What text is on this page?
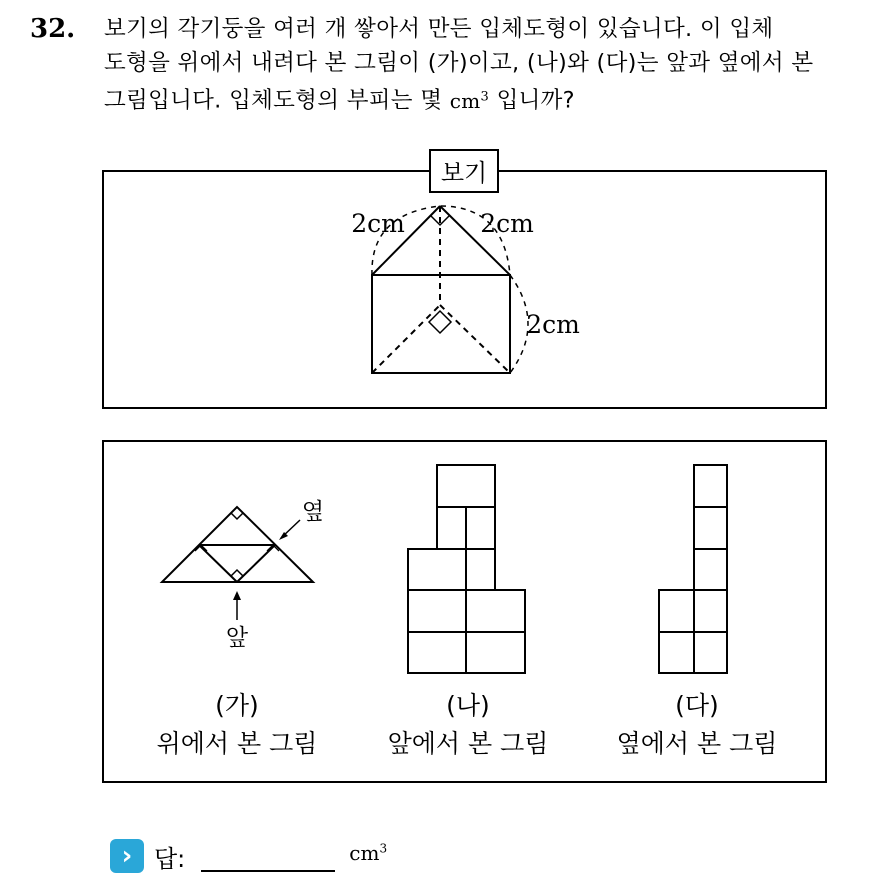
32. 보기의 각기둥을 여러 개 쌓아서 만든 입체도형이 있습니다. 이 입체
도형을 위에서 내려다 본 그림이 (가)이고, (나)와 (다)는 앞과 옆에서 본
그림입니다. 입체도형의 부피는 몇 $cm^3$ 입니까?
보기
2cm	2cm
2cm
옆
앞
(가)
위에서 본 그림
(나)
앞에서 본 그림
(다)
옆에서 본 그림
› 답:	$cm^3$
